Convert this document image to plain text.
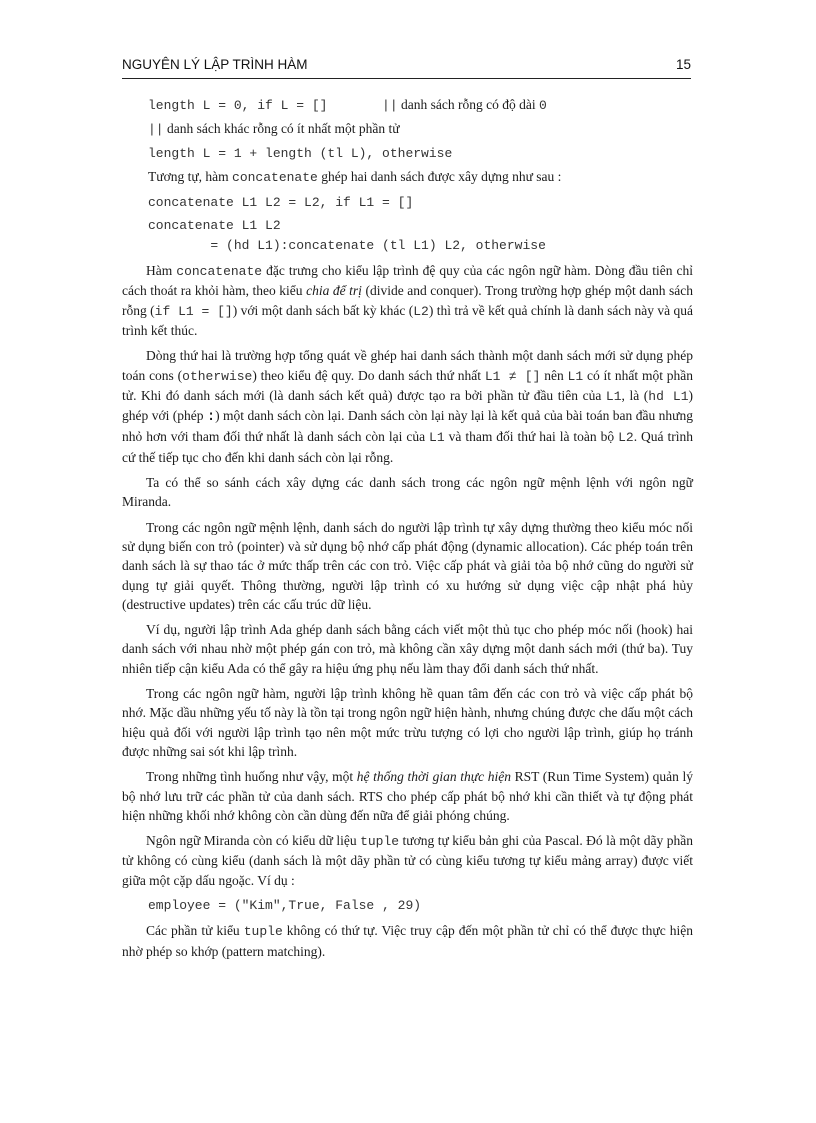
NGUYÊN LÝ LẬP TRÌNH HÀM	15
length L = 0, if L = []	|| danh sách rỗng có độ dài 0
|| danh sách khác rỗng có ít nhất một phần tử
length L = 1 + length (tl L), otherwise
Tương tự, hàm concatenate ghép hai danh sách được xây dựng như sau :
concatenate L1 L2 = L2, if L1 = []
concatenate L1 L2
= (hd L1):concatenate (tl L1) L2, otherwise

Hàm concatenate đặc trưng cho kiểu lập trình đệ quy của các ngôn ngữ hàm. Dòng đầu tiên chỉ cách thoát ra khỏi hàm, theo kiểu chia để trị (divide and conquer). Trong trường hợp ghép một danh sách rỗng (if L1 = []) với một danh sách bất kỳ khác (L2) thì trả về kết quả chính là danh sách này và quá trình kết thúc.

Dòng thứ hai là trường hợp tổng quát về ghép hai danh sách thành một danh sách mới sử dụng phép toán cons (otherwise) theo kiểu đệ quy. Do danh sách thứ nhất L1 ≠ [] nên L1 có ít nhất một phần tử. Khi đó danh sách mới (là danh sách kết quả) được tạo ra bởi phần tử đầu tiên của L1, là (hd L1) ghép với (phép :) một danh sách còn lại. Danh sách còn lại này lại là kết quả của bài toán ban đầu nhưng nhỏ hơn với tham đối thứ nhất là danh sách còn lại của L1 và tham đối thứ hai là toàn bộ L2. Quá trình cứ thế tiếp tục cho đến khi danh sách còn lại rỗng.

Ta có thể so sánh cách xây dựng các danh sách trong các ngôn ngữ mệnh lệnh với ngôn ngữ Miranda.

Trong các ngôn ngữ mệnh lệnh, danh sách do người lập trình tự xây dựng thường theo kiểu móc nối sử dụng biến con trỏ (pointer) và sử dụng bộ nhớ cấp phát động (dynamic allocation). Các phép toán trên danh sách là sự thao tác ở mức thấp trên các con trỏ. Việc cấp phát và giải tỏa bộ nhớ cũng do người sử dụng tự giải quyết. Thông thường, người lập trình có xu hướng sử dụng việc cập nhật phá hủy (destructive updates) trên các cấu trúc dữ liệu.

Ví dụ, người lập trình Ada ghép danh sách bằng cách viết một thủ tục cho phép móc nối (hook) hai danh sách với nhau nhờ một phép gán con trỏ, mà không cần xây dựng một danh sách mới (thứ ba). Tuy nhiên tiếp cận kiểu Ada có thể gây ra hiệu ứng phụ nếu làm thay đổi danh sách thứ nhất.

Trong các ngôn ngữ hàm, người lập trình không hề quan tâm đến các con trỏ và việc cấp phát bộ nhớ. Mặc dầu những yếu tố này là tồn tại trong ngôn ngữ hiện hành, nhưng chúng được che dấu một cách hiệu quả đối với người lập trình tạo nên một mức trừu tượng có lợi cho người lập trình, giúp họ tránh được những sai sót khi lập trình.

Trong những tình huống như vậy, một hệ thống thời gian thực hiện RST (Run Time System) quản lý bộ nhớ lưu trữ các phần tử của danh sách. RTS cho phép cấp phát bộ nhớ khi cần thiết và tự động phát hiện những khối nhớ không còn cần dùng đến nữa để giải phóng chúng.

Ngôn ngữ Miranda còn có kiểu dữ liệu tuple tương tự kiểu bản ghi của Pascal. Đó là một dãy phần tử không có cùng kiểu (danh sách là một dãy phần tử có cùng kiểu tương tự kiểu mảng array) được viết giữa một cặp dấu ngoặc. Ví dụ :

employee = ("Kim",True, False , 29)

Các phần tử kiểu tuple không có thứ tự. Việc truy cập đến một phần tử chỉ có thể được thực hiện nhờ phép so khớp (pattern matching).
